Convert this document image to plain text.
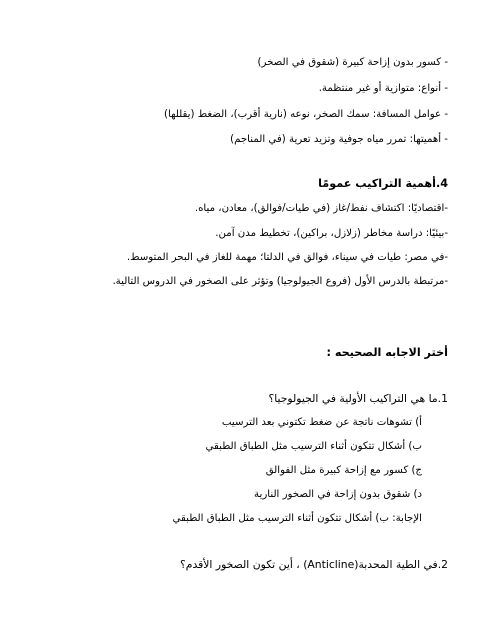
- كسور بدون إزاحة كبيرة (شقوق في الصخر)
- أنواع: متوازية أو غير منتظمة.
- عوامل المسافة: سمك الصخر، نوعه (نارية أقرب)، الضغط (يقللها)
- أهميتها: تمرر مياه جوفية وتزيد تعرية (في المناجم)
4.أهمية التراكيب عمومًا
-اقتصاديًا: اكتشاف نفط/غاز (في طيات/فوالق)، معادن، مياه.
-بيئيًا: دراسة مخاطر (زلازل، براكين)، تخطيط مدن آمن.
-في مصر: طيات في سيناء، فوالق في الدلتا؛ مهمة للغاز في البحر المتوسط.
-مرتبطة بالدرس الأول (فروع الجيولوجيا) وتؤثر على الصخور في الدروس التالية.
أختر الاجابه الصحيحه :
1.ما هي التراكيب الأولية في الجيولوجيا؟
أ) تشوهات ناتجة عن ضغط تكتوني بعد الترسيب
ب) أشكال تتكون أثناء الترسيب مثل الطباق الطبقي
ج) كسور مع إزاحة كبيرة مثل الفوالق
د) شقوق بدون إزاحة في الصخور النارية
الإجابة: ب) أشكال تتكون أثناء الترسيب مثل الطباق الطبقي
2.في الطية المحدبة(Anticline) ، أين تكون الصخور الأقدم؟
